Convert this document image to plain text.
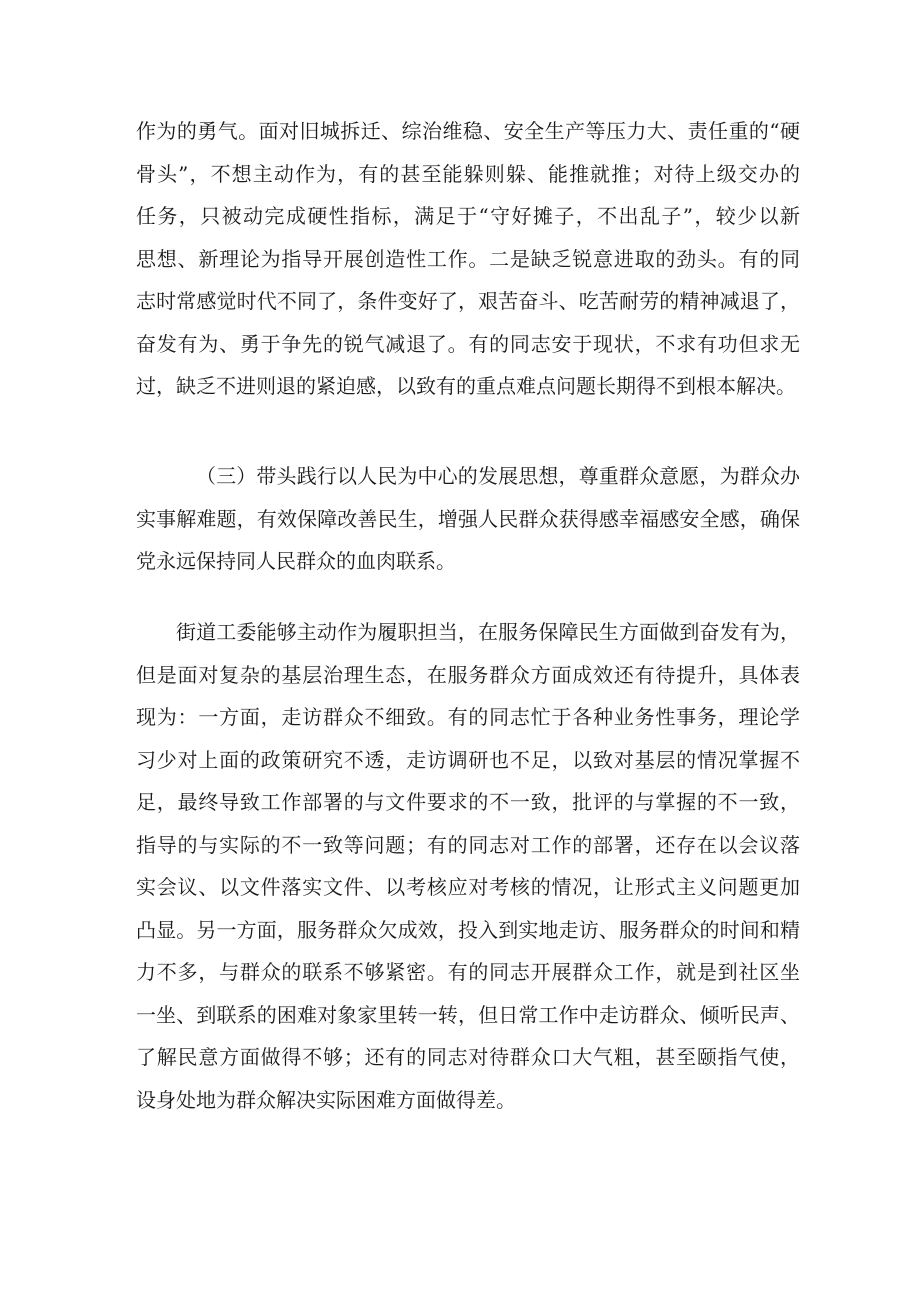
作为的勇气。面对旧城拆迁、综治维稳、安全生产等压力大、责任重的“硬
骨头”，不想主动作为，有的甚至能躲则躲、能推就推；对待上级交办的
任务，只被动完成硬性指标，满足于“守好摊子，不出乱子”，较少以新
思想、新理论为指导开展创造性工作。二是缺乏锐意进取的劲头。有的同
志时常感觉时代不同了，条件变好了，艰苦奋斗、吃苦耐劳的精神减退了，
奋发有为、勇于争先的锐气减退了。有的同志安于现状，不求有功但求无
过，缺乏不进则退的紧迫感，以致有的重点难点问题长期得不到根本解决。
（三）带头践行以人民为中心的发展思想，尊重群众意愿，为群众办
实事解难题，有效保障改善民生，增强人民群众获得感幸福感安全感，确保
党永远保持同人民群众的血肉联系。
街道工委能够主动作为履职担当，在服务保障民生方面做到奋发有为，
但是面对复杂的基层治理生态，在服务群众方面成效还有待提升，具体表
现为：一方面，走访群众不细致。有的同志忙于各种业务性事务，理论学
习少对上面的政策研究不透，走访调研也不足，以致对基层的情况掌握不
足，最终导致工作部署的与文件要求的不一致，批评的与掌握的不一致，
指导的与实际的不一致等问题；有的同志对工作的部署，还存在以会议落
实会议、以文件落实文件、以考核应对考核的情况，让形式主义问题更加
凸显。另一方面，服务群众欠成效，投入到实地走访、服务群众的时间和精
力不多，与群众的联系不够紧密。有的同志开展群众工作，就是到社区坐
一坐、到联系的困难对象家里转一转，但日常工作中走访群众、倾听民声、
了解民意方面做得不够；还有的同志对待群众口大气粗，甚至颐指气使，
设身处地为群众解决实际困难方面做得差。
